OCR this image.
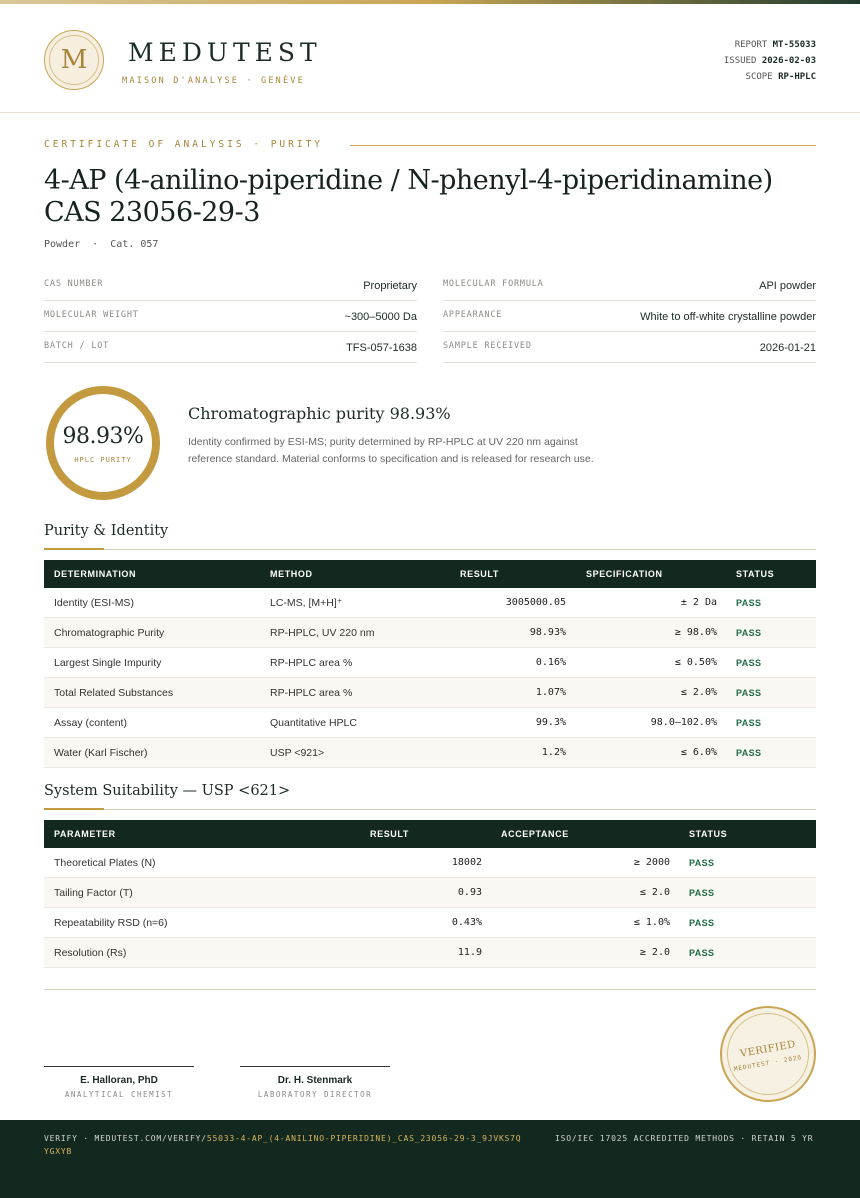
M	MEDUTEST
MAISON D'ANALYSE · GENÈVE
REPORT MT-55033
ISSUED 2026-02-03
SCOPE RP-HPLC
CERTIFICATE OF ANALYSIS · PURITY
4-AP (4-anilino-piperidine / N-phenyl-4-piperidinamine)
CAS 23056-29-3
Powder  ·  Cat. 057
CAS NUMBER	Proprietary	MOLECULAR FORMULA	API powder
MOLECULAR WEIGHT	~300–5000 Da	APPEARANCE	White to off-white crystalline powder
BATCH / LOT	TFS-057-1638	SAMPLE RECEIVED	2026-01-21
98.93%
HPLC PURITY
Chromatographic purity 98.93%
Identity confirmed by ESI-MS; purity determined by RP-HPLC at UV 220 nm against reference standard. Material conforms to specification and is released for research use.
Purity & Identity
DETERMINATION	METHOD	RESULT	SPECIFICATION	STATUS
Identity (ESI-MS)	LC-MS, [M+H]⁺	3005000.05	± 2 Da PASS
Chromatographic Purity	RP-HPLC, UV 220 nm	98.93%	≥ 98.0% PASS
Largest Single Impurity	RP-HPLC area %	0.16%	≤ 0.50% PASS
Total Related Substances	RP-HPLC area %	1.07%	≤ 2.0% PASS
Assay (content)	Quantitative HPLC	99.3%	98.0–102.0% PASS
Water (Karl Fischer)	USP <921>	1.2%	≤ 6.0% PASS
System Suitability — USP <621>
PARAMETER	RESULT	ACCEPTANCE	STATUS
Theoretical Plates (N)	18002	≥ 2000 PASS
Tailing Factor (T)	0.93	≤ 2.0 PASS
Repeatability RSD (n=6)	0.43%	≤ 1.0% PASS
Resolution (Rs)	11.9	≥ 2.0 PASS
E. Halloran, PhD
ANALYTICAL CHEMIST
Dr. H. Stenmark
LABORATORY DIRECTOR
VERIFIED
MEDUTEST · 2026
VERIFY · MEDUTEST.COM/VERIFY/55033-4-AP_(4-ANILINO-PIPERIDINE)_CAS_23056-29-3_9JVKS7QYGXYB
ISO/IEC 17025 ACCREDITED METHODS · RETAIN 5 YR
